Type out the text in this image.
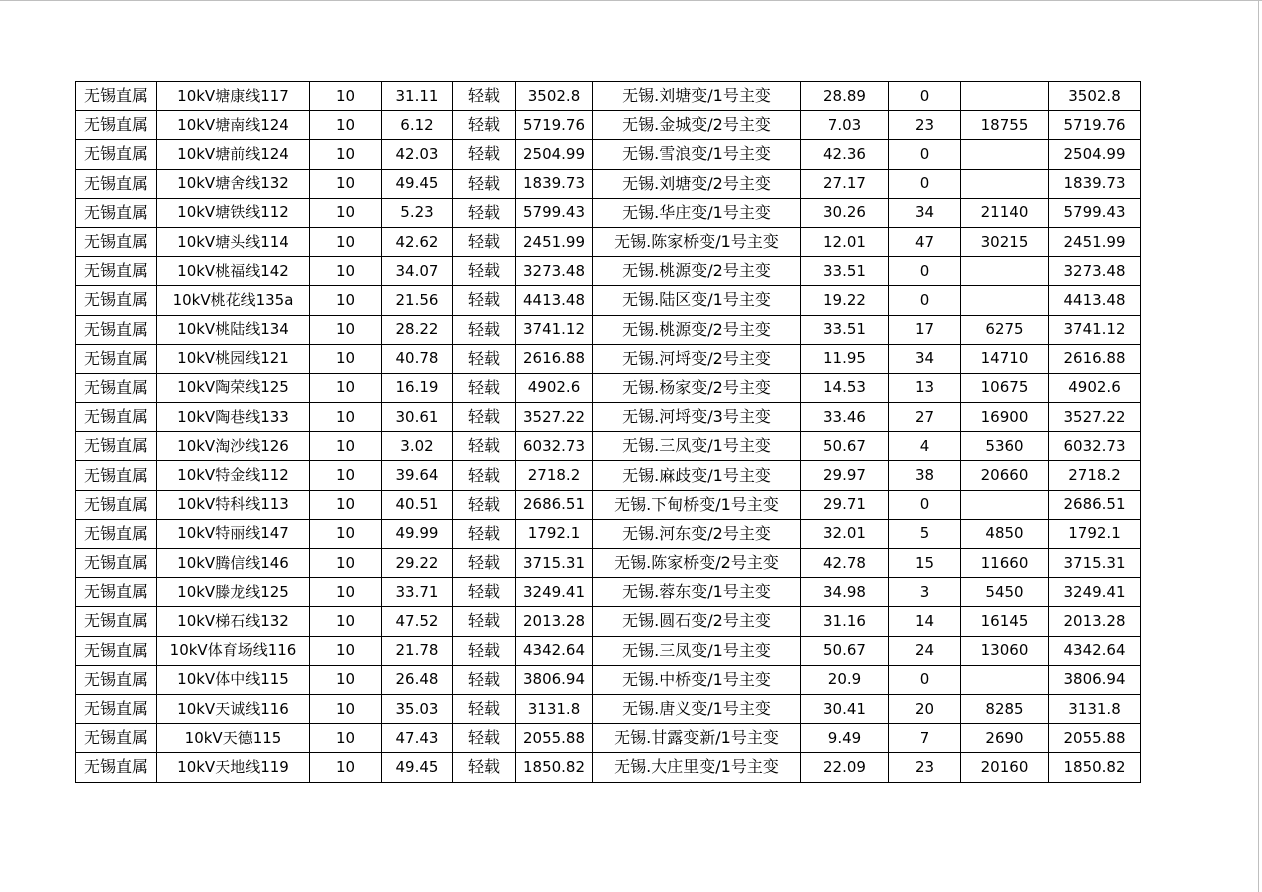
无锡直属	10kV塘康线117	10	31.11	轻载	3502.8	无锡.刘塘变/1号主变	28.89	0		3502.8
无锡直属	10kV塘南线124	10	6.12	轻载	5719.76	无锡.金城变/2号主变	7.03	23	18755	5719.76
无锡直属	10kV塘前线124	10	42.03	轻载	2504.99	无锡.雪浪变/1号主变	42.36	0		2504.99
无锡直属	10kV塘舍线132	10	49.45	轻载	1839.73	无锡.刘塘变/2号主变	27.17	0		1839.73
无锡直属	10kV塘铁线112	10	5.23	轻载	5799.43	无锡.华庄变/1号主变	30.26	34	21140	5799.43
无锡直属	10kV塘头线114	10	42.62	轻载	2451.99	无锡.陈家桥变/1号主变	12.01	47	30215	2451.99
无锡直属	10kV桃福线142	10	34.07	轻载	3273.48	无锡.桃源变/2号主变	33.51	0		3273.48
无锡直属	10kV桃花线135a	10	21.56	轻载	4413.48	无锡.陆区变/1号主变	19.22	0		4413.48
无锡直属	10kV桃陆线134	10	28.22	轻载	3741.12	无锡.桃源变/2号主变	33.51	17	6275	3741.12
无锡直属	10kV桃园线121	10	40.78	轻载	2616.88	无锡.河埒变/2号主变	11.95	34	14710	2616.88
无锡直属	10kV陶荣线125	10	16.19	轻载	4902.6	无锡.杨家变/2号主变	14.53	13	10675	4902.6
无锡直属	10kV陶巷线133	10	30.61	轻载	3527.22	无锡.河埒变/3号主变	33.46	27	16900	3527.22
无锡直属	10kV淘沙线126	10	3.02	轻载	6032.73	无锡.三凤变/1号主变	50.67	4	5360	6032.73
无锡直属	10kV特金线112	10	39.64	轻载	2718.2	无锡.麻歧变/1号主变	29.97	38	20660	2718.2
无锡直属	10kV特科线113	10	40.51	轻载	2686.51	无锡.下甸桥变/1号主变	29.71	0		2686.51
无锡直属	10kV特丽线147	10	49.99	轻载	1792.1	无锡.河东变/2号主变	32.01	5	4850	1792.1
无锡直属	10kV腾信线146	10	29.22	轻载	3715.31	无锡.陈家桥变/2号主变	42.78	15	11660	3715.31
无锡直属	10kV滕龙线125	10	33.71	轻载	3249.41	无锡.蓉东变/1号主变	34.98	3	5450	3249.41
无锡直属	10kV梯石线132	10	47.52	轻载	2013.28	无锡.圆石变/2号主变	31.16	14	16145	2013.28
无锡直属	10kV体育场线116	10	21.78	轻载	4342.64	无锡.三凤变/1号主变	50.67	24	13060	4342.64
无锡直属	10kV体中线115	10	26.48	轻载	3806.94	无锡.中桥变/1号主变	20.9	0		3806.94
无锡直属	10kV天诚线116	10	35.03	轻载	3131.8	无锡.唐义变/1号主变	30.41	20	8285	3131.8
无锡直属	10kV天德115	10	47.43	轻载	2055.88	无锡.甘露变新/1号主变	9.49	7	2690	2055.88
无锡直属	10kV天地线119	10	49.45	轻载	1850.82	无锡.大庄里变/1号主变	22.09	23	20160	1850.82
